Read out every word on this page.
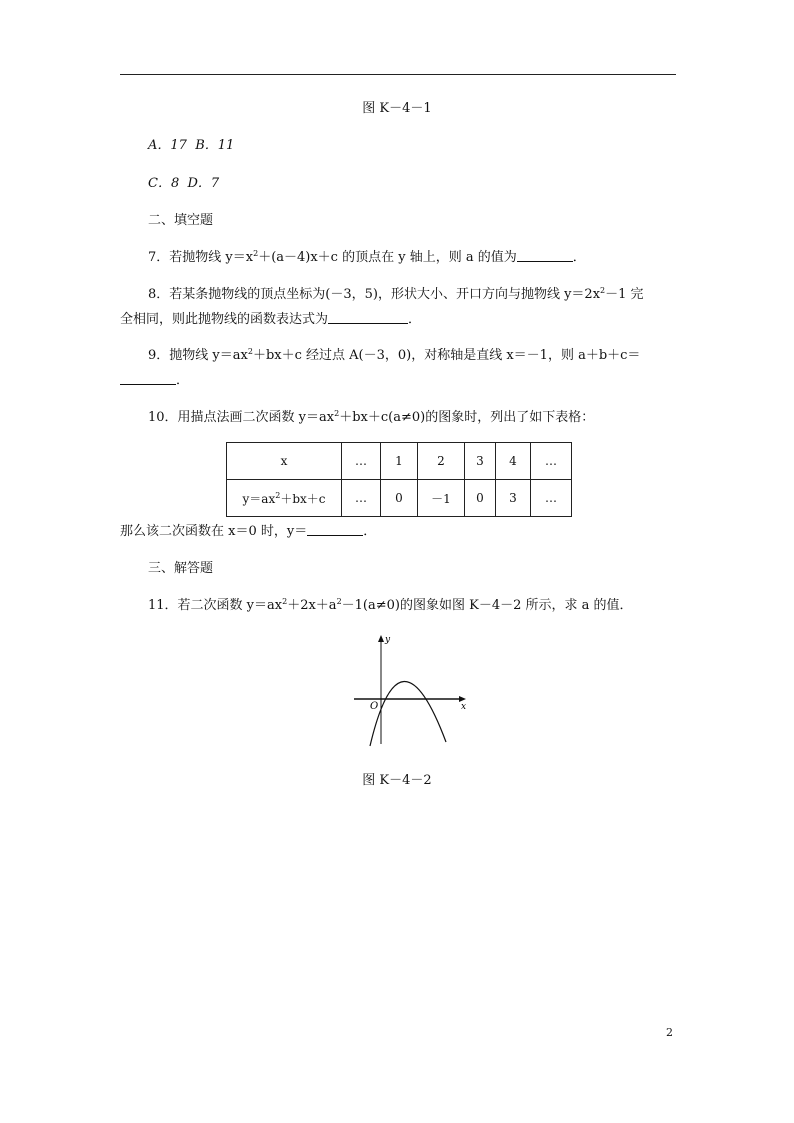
图 K－4－1
A．17 B．11
C．8 D．7
二、填空题
7．若抛物线 $y=x^2+(a-4)x+c$ 的顶点在 y 轴上，则 a 的值为	．
8．若某条抛物线的顶点坐标为(－3，5)，形状大小、开口方向与抛物线 $y=2x^2-1$ 完
全相同，则此抛物线的函数表达式为	．
9．抛物线 $y=ax^2+bx+c$ 经过点 A(－3，0)，对称轴是直线 x＝－1，则 a＋b＋c＝
．
10．用描点法画二次函数 $y=ax^2+bx+c(a\ne 0)$的图象时，列出了如下表格：
x	…	1	2	3	4	…
$y=ax^2+bx+c$	…	0	－1	0	3	…
那么该二次函数在 x＝0 时，y＝	．
三、解答题
11．若二次函数 $y=ax^2+2x+a^2-1(a\ne 0)$的图象如图 K－4－2 所示，求 a 的值．
y
x
O
图 K－4－2
2
